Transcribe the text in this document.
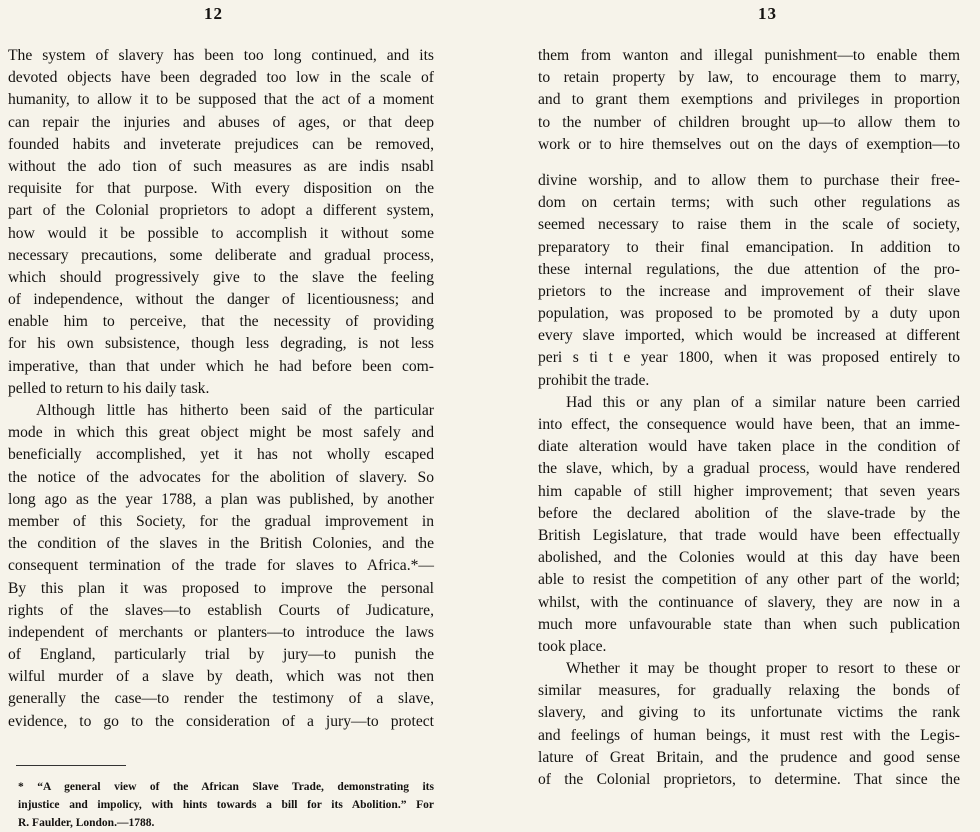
12
The system of slavery has been too long continued, and its
devoted objects have been degraded too low in the scale of
humanity, to allow it to be supposed that the act of a moment
can repair the injuries and abuses of ages, or that deep
founded habits and inveterate prejudices can be removed,
without the ado tion of such measures as are indis nsabl
requisite for that purpose. With every disposition on the
part of the Colonial proprietors to adopt a different system,
how would it be possible to accomplish it without some
necessary precautions, some deliberate and gradual process,
which should progressively give to the slave the feeling
of independence, without the danger of licentiousness; and
enable him to perceive, that the necessity of providing
for his own subsistence, though less degrading, is not less
imperative, than that under which he had before been com-
pelled to return to his daily task.
Although little has hitherto been said of the particular
mode in which this great object might be most safely and
beneficially accomplished, yet it has not wholly escaped
the notice of the advocates for the abolition of slavery. So
long ago as the year 1788, a plan was published, by another
member of this Society, for the gradual improvement in
the condition of the slaves in the British Colonies, and the
consequent termination of the trade for slaves to Africa.*—
By this plan it was proposed to improve the personal
rights of the slaves—to establish Courts of Judicature,
independent of merchants or planters—to introduce the laws
of England, particularly trial by jury—to punish the
wilful murder of a slave by death, which was not then
generally the case—to render the testimony of a slave,
evidence, to go to the consideration of a jury—to protect
* “A general view of the African Slave Trade, demonstrating its
injustice and impolicy, with hints towards a bill for its Abolition.” For
R. Faulder, London.—1788.
13
them from wanton and illegal punishment—to enable them
to retain property by law, to encourage them to marry,
and to grant them exemptions and privileges in proportion
to the number of children brought up—to allow them to
work or to hire themselves out on the days of exemption—to
divine worship, and to allow them to purchase their free-
dom on certain terms; with such other regulations as
seemed necessary to raise them in the scale of society,
preparatory to their final emancipation. In addition to
these internal regulations, the due attention of the pro-
prietors to the increase and improvement of their slave
population, was proposed to be promoted by a duty upon
every slave imported, which would be increased at different
peri s ti t e year 1800, when it was proposed entirely to
prohibit the trade.
Had this or any plan of a similar nature been carried
into effect, the consequence would have been, that an imme-
diate alteration would have taken place in the condition of
the slave, which, by a gradual process, would have rendered
him capable of still higher improvement; that seven years
before the declared abolition of the slave-trade by the
British Legislature, that trade would have been effectually
abolished, and the Colonies would at this day have been
able to resist the competition of any other part of the world;
whilst, with the continuance of slavery, they are now in a
much more unfavourable state than when such publication
took place.
Whether it may be thought proper to resort to these or
similar measures, for gradually relaxing the bonds of
slavery, and giving to its unfortunate victims the rank
and feelings of human beings, it must rest with the Legis-
lature of Great Britain, and the prudence and good sense
of the Colonial proprietors, to determine. That since the
